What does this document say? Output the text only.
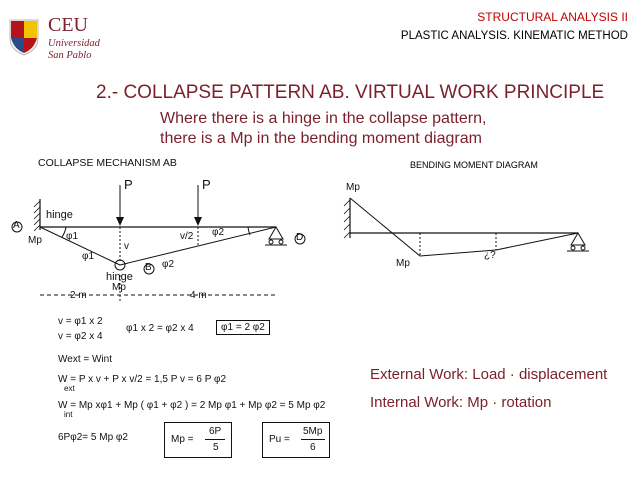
CEU
Universidad
San Pablo
STRUCTURAL ANALYSIS II
PLASTIC ANALYSIS. KINEMATIC METHOD
2.- COLLAPSE PATTERN AB. VIRTUAL WORK PRINCIPLE
Where there is a hinge in the collapse pattern,
there is a Mp in the bending moment diagram
COLLAPSE MECHANISM AB
P	P
hinge
A
Mp φ1	v/2 φ2	D
v
φ1
φ2
B
hinge
Mp
2 m	4 m
BENDING MOMENT DIAGRAM
Mp
Mp
¿?
v = φ1 x 2
v = φ2 x 4
φ1 x 2 = φ2 x 4	φ1 = 2 φ2
Wext = Wint
W = P x v + P x v/2 = 1,5 P v = 6 P φ2
ext
W = Mp xφ1 + Mp ( φ1 + φ2 ) = 2 Mp φ1 + Mp φ2 = 5 Mp φ2
int
6Pφ2= 5 Mp φ2	Mp =
6P
5
Pu =
5Mp
6
External Work: Load · displacement
Internal Work: Mp · rotation
